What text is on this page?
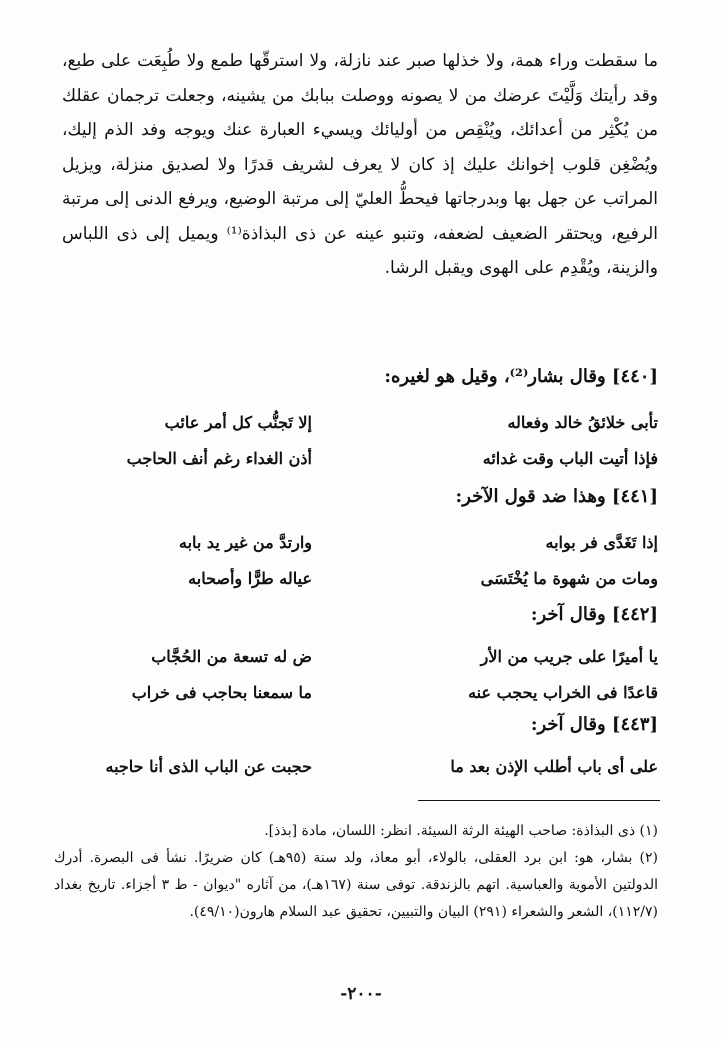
ما سقطت وراء همة، ولا خذلها صبر عند نازلة، ولا استرقّها طمع ولا طُبِعَت على طبع، وقد رأيتك وَلَّيْتَ عرضك من لا يصونه ووصلت ببابك من يشينه، وجعلت ترجمان عقلك من يُكْثِر من أعدائك، ويُنْقِص من أوليائك ويسيء العبارة عنك ويوجه وفد الذم إليك، ويُضْغِن قلوب إخوانك عليك إذ كان لا يعرف لشريف قدرًا ولا لصديق منزلة، ويزيل المراتب عن جهل بها وبدرجاتها فيحطُّ العليّ إلى مرتبة الوضيع، ويرفع الدنى إلى مرتبة الرفيع، ويحتقر الضعيف لضعفه، وتنبو عينه عن ذى البذاذة⁽¹⁾ ويميل إلى ذى اللباس والزينة، ويُقْدِم على الهوى ويقبل الرشا.
[٤٤٠] وقال بشار⁽²⁾، وقيل هو لغيره:
تأبى خلائقُ خالد وفعاله
إلا تَجنُّب كل أمر عائب
فإذا أتيت الباب وقت غدائه
أذن الغداء رغم أنف الحاجب
[٤٤١] وهذا ضد قول الآخر:
إذا تَغَدَّى فر بوابه
وارتدَّ من غير يد بابه
ومات من شهوة ما يُخْتَسَى
عياله طرًّا وأصحابه
[٤٤٢] وقال آخر:
يا أميرًا على جريب من الأر
ض له تسعة من الحُجَّاب
قاعدًا فى الخراب يحجب عنه
ما سمعنا بحاجب فى خراب
[٤٤٣] وقال آخر:
على أى باب أطلب الإذن بعد ما
حجبت عن الباب الذى أنا حاجبه

(١) ذى البذاذة: صاحب الهيئة الرثة السيئة. انظر: اللسان، مادة [بذذ].

(٢) بشار، هو: ابن برد العقلى، بالولاء، أبو معاذ، ولد سنة (٩٥هـ) كان ضريرًا. نشأ فى البصرة. أدرك الدولتين الأموية والعباسية. اتهم بالزندقة. توفى سنة (١٦٧هـ)، من آثاره "ديوان - ط ٣ أجزاء. تاريخ بغداد (١١٢/٧)، الشعر والشعراء (٢٩١) البيان والتبيين، تحقيق عبد السلام هارون(٤٩/١٠).

-٢٠٠-
